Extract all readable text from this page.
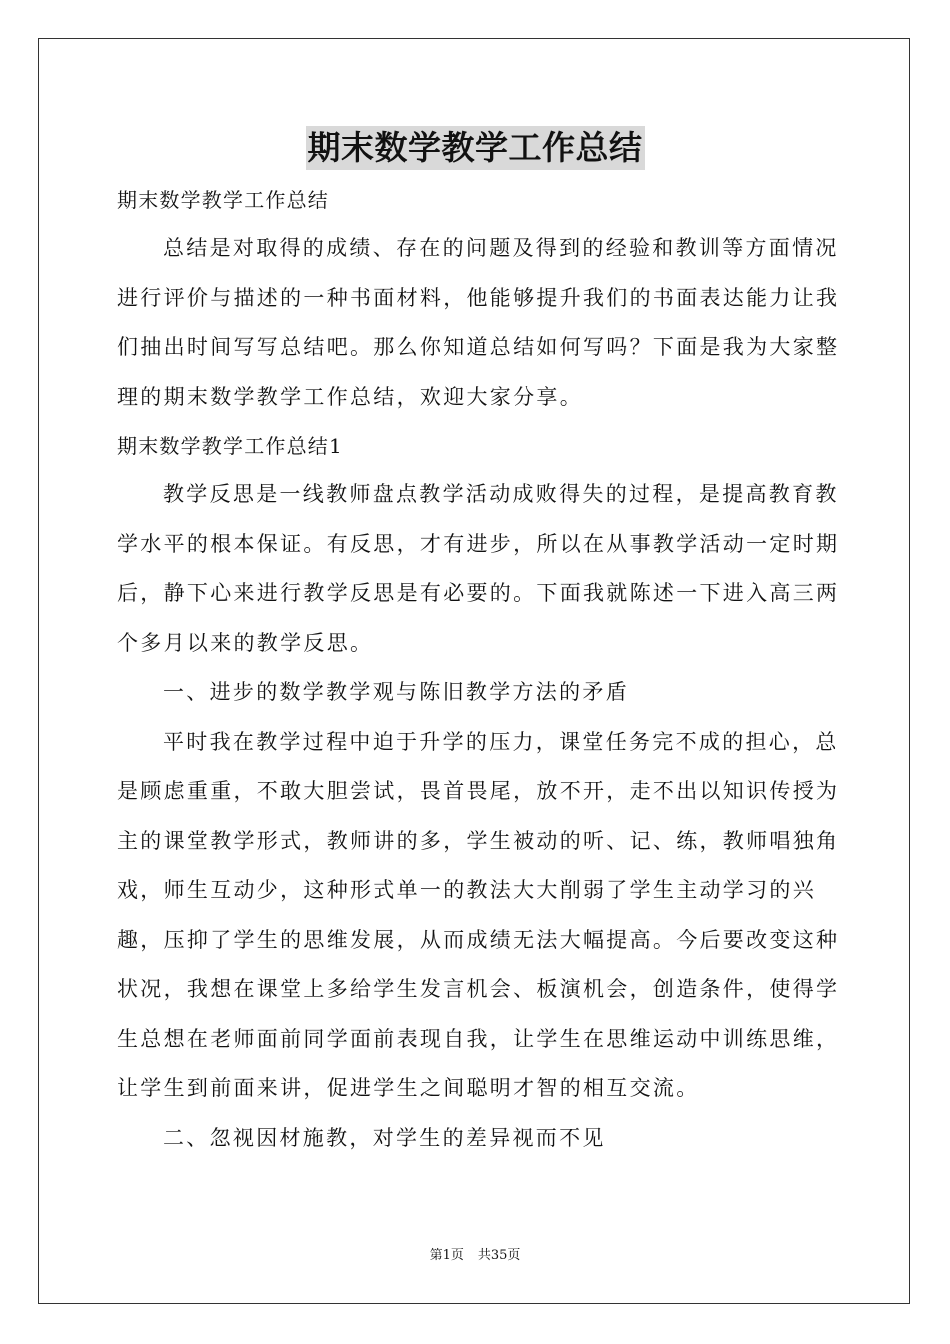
期末数学教学工作总结

期末数学教学工作总结

总结是对取得的成绩、存在的问题及得到的经验和教训等方面情况进行评价与描述的一种书面材料，他能够提升我们的书面表达能力让我们抽出时间写写总结吧。那么你知道总结如何写吗？下面是我为大家整理的期末数学教学工作总结，欢迎大家分享。

期末数学教学工作总结1

教学反思是一线教师盘点教学活动成败得失的过程，是提高教育教学水平的根本保证。有反思，才有进步，所以在从事教学活动一定时期后，静下心来进行教学反思是有必要的。下面我就陈述一下进入高三两个多月以来的教学反思。

一、进步的数学教学观与陈旧教学方法的矛盾

平时我在教学过程中迫于升学的压力，课堂任务完不成的担心，总是顾虑重重，不敢大胆尝试，畏首畏尾，放不开，走不出以知识传授为主的课堂教学形式，教师讲的多，学生被动的听、记、练，教师唱独角戏，师生互动少，这种形式单一的教法大大削弱了学生主动学习的兴趣，压抑了学生的思维发展，从而成绩无法大幅提高。今后要改变这种状况，我想在课堂上多给学生发言机会、板演机会，创造条件，使得学生总想在老师面前同学面前表现自我，让学生在思维运动中训练思维，让学生到前面来讲，促进学生之间聪明才智的相互交流。

二、忽视因材施教，对学生的差异视而不见

第1页 共35页
